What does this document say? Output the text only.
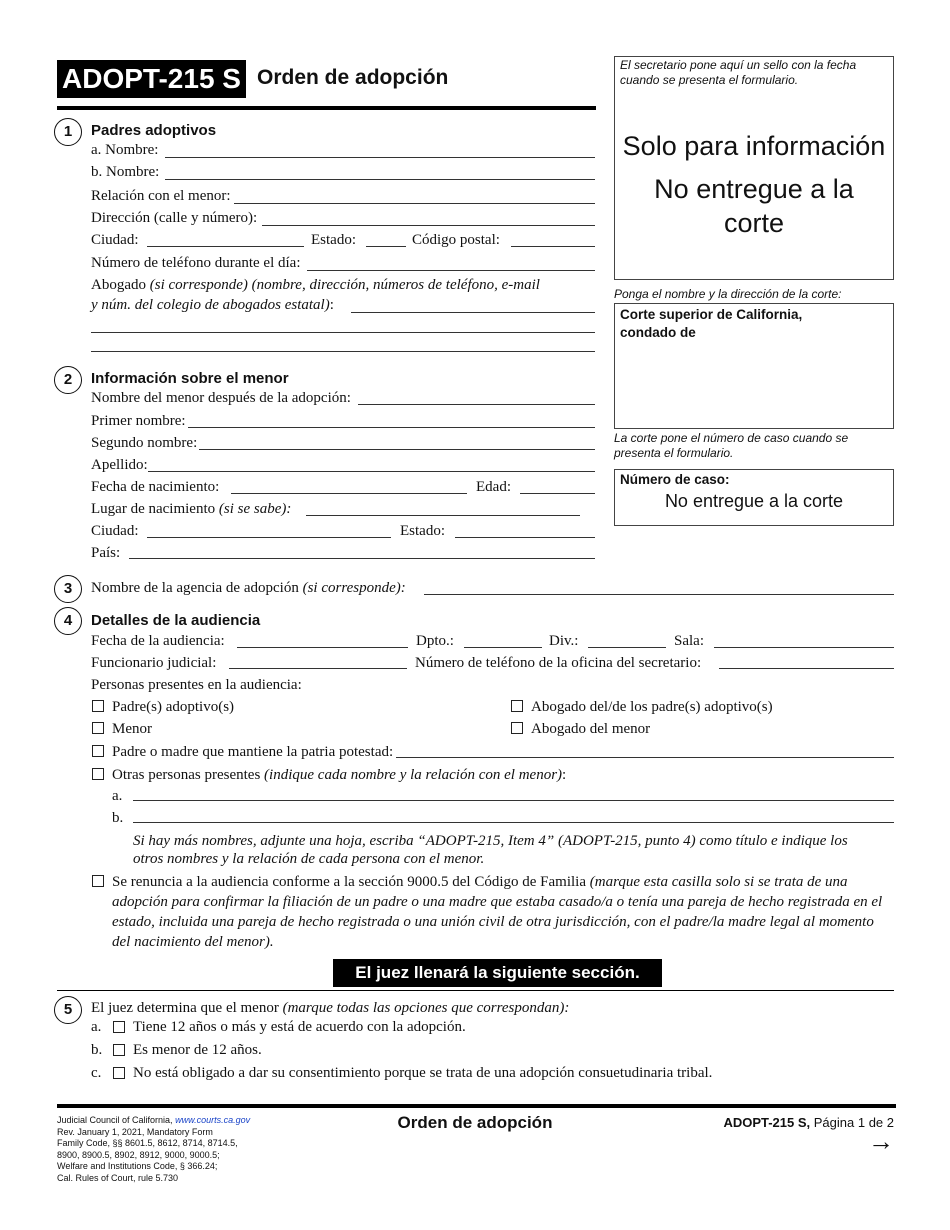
ADOPT-215 S Orden de adopción
El secretario pone aquí un sello con la fecha cuando se presenta el formulario.
Solo para información
No entregue a la corte
Ponga el nombre y la dirección de la corte:
Corte superior de California, condado de
La corte pone el número de caso cuando se presenta el formulario.
Número de caso:
No entregue a la corte
1	Padres adoptivos
a. Nombre:
b. Nombre:
Relación con el menor:
Dirección (calle y número):
Ciudad:	Estado:	Código postal:
Número de teléfono durante el día:
Abogado (si corresponde) (nombre, dirección, números de teléfono, e-mail
y núm. del colegio de abogados estatal):
2	Información sobre el menor
Nombre del menor después de la adopción:
Primer nombre:
Segundo nombre:
Apellido:
Fecha de nacimiento:	Edad:
Lugar de nacimiento (si se sabe):
Ciudad:	Estado:
País:
3	Nombre de la agencia de adopción (si corresponde):
4	Detalles de la audiencia
Fecha de la audiencia:	Dpto.:	Div.:	Sala:
Funcionario judicial:	Número de teléfono de la oficina del secretario:
Personas presentes en la audiencia:
Padre(s) adoptivo(s)	Abogado del/de los padre(s) adoptivo(s)
Menor	Abogado del menor
Padre o madre que mantiene la patria potestad:
Otras personas presentes (indique cada nombre y la relación con el menor):
a.
b.
Si hay más nombres, adjunte una hoja, escriba “ADOPT-215, Item 4” (ADOPT-215, punto 4) como título e indique los
otros nombres y la relación de cada persona con el menor.
Se renuncia a la audiencia conforme a la sección 9000.5 del Código de Familia (marque esta casilla solo si se trata de una
adopción para confirmar la filiación de un padre o una madre que estaba casado/a o tenía una pareja de hecho registrada en el
estado, incluida una pareja de hecho registrada o una unión civil de otra jurisdicción, con el padre/la madre legal al momento
del nacimiento del menor).
El juez llenará la siguiente sección.
5	El juez determina que el menor (marque todas las opciones que correspondan):
a. Tiene 12 años o más y está de acuerdo con la adopción.
b. Es menor de 12 años.
c. No está obligado a dar su consentimiento porque se trata de una adopción consuetudinaria tribal.
Judicial Council of California, www.courts.ca.gov
Rev. January 1, 2021, Mandatory Form
Family Code, §§ 8601.5, 8612, 8714, 8714.5,
8900, 8900.5, 8902, 8912, 9000, 9000.5;
Welfare and Institutions Code, § 366.24;
Cal. Rules of Court, rule 5.730
Orden de adopción	ADOPT-215 S, Página 1 de 2
→
